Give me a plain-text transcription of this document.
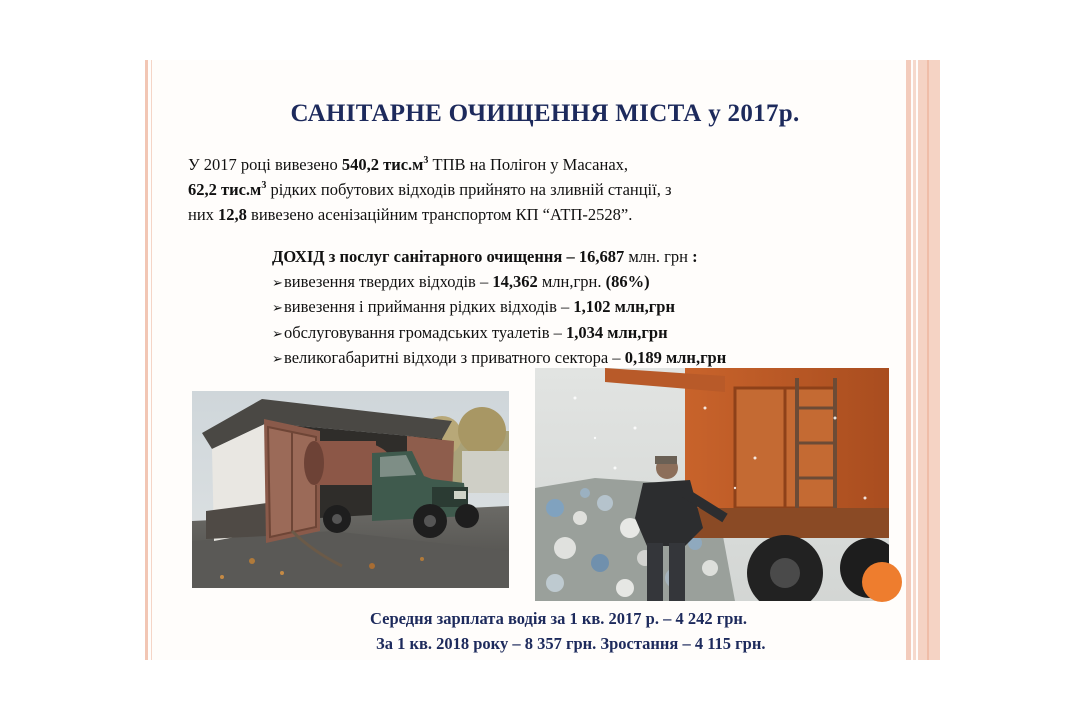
САНІТАРНЕ ОЧИЩЕННЯ МІСТА у 2017р.
У 2017 році вивезено 540,2 $тис.м^3$ ТПВ на Полігон у Масанах,
62,2 $тис.м^3$ рідких побутових відходів прийнято на зливній станції, з
них 12,8 вивезено асенізаційним транспортом КП “АТП-2528”.
ДОХІД з послуг санітарного очищення – 16,687 млн. грн :
➢вивезення твердих відходів – 14,362 млн,грн. (86%)
➢вивезення і приймання рідких відходів – 1,102 млн,грн
➢обслуговування громадських туалетів – 1,034 млн,грн
➢великогабаритні відходи з приватного сектора – 0,189 млн,грн
Середня зарплата водія за 1 кв. 2017 р. – 4 242 грн.
За 1 кв. 2018 року – 8 357 грн. Зростання – 4 115 грн.
